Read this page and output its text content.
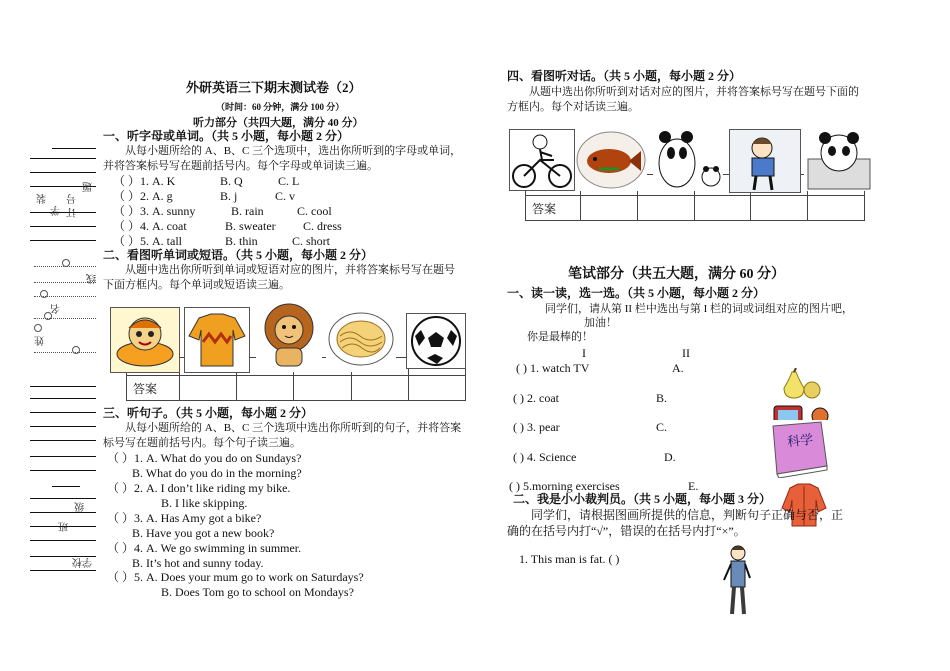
题
号
学
装
订
线
名
姓
级
班
学校
外研英语三下期末测试卷（2）
（时间：60 分钟，满分 100 分）
听力部分（共四大题，满分 40 分）
一、听字母或单词。（共 5 小题，每小题 2 分）
从每小题所给的 A、B、C 三个选项中，选出你所听到的字母或单词，并将答案标号写在题前括号内。每个字母或单词读三遍。
（ ）1. A. K	B. Q	C. L
（ ）2. A. g	B. j	C. v
（ ）3. A. sunny	B. rain	C. cool
（ ）4. A. coat	B. sweater C. dress
（ ）5. A. tall	B. thin	C. short
二、看图听单词或短语。（共 5 小题，每小题 2 分）
从题中选出你所听到单词或短语对应的图片，并将答案标号写在题号下面方框内。每个单词或短语读三遍。

答案					
三、听句子。（共 5 小题，每小题 2 分）
从每小题所给的 A、B、C 三个选项中选出你所听到的句子，并将答案标号写在题前括号内。每个句子读三遍。
（ ）1. A. What do you do on Sundays?
B. What do you do in the morning?
（ ）2. A. I don’t like riding my bike.
B. I like skipping.
（ ）3. A. Has Amy got a bike?
B. Have you got a new book?
（ ）4. A. We go swimming in summer.
B. It’s hot and sunny today.
（ ）5. A. Does your mum go to work on Saturdays?
B. Does Tom go to school on Mondays?
四、看图听对话。（共 5 小题，每小题 2 分）
从题中选出你所听到对话对应的图片，并将答案标号写在题号下面的方框内。每个对话读三遍。

答案					
笔试部分（共五大题，满分 60 分）
一、读一读，选一选。（共 5 小题，每小题 2 分）
同学们，请从第 II 栏中选出与第 I 栏的词或词组对应的图片吧，
加油！
你是最棒的！
I	II
( ) 1. watch TV	A.
( ) 2. coat	B.
( ) 3. pear	C.
( ) 4. Science	D.
( ) 5.morning exercises	E.
科学
二、我是小小裁判员。（共 5 小题，每小题 3 分）
同学们，请根据图画所提供的信息，判断句子正确与否，正确的在括号内打“√”，错误的在括号内打“×”。
1. This man is fat. ( )
